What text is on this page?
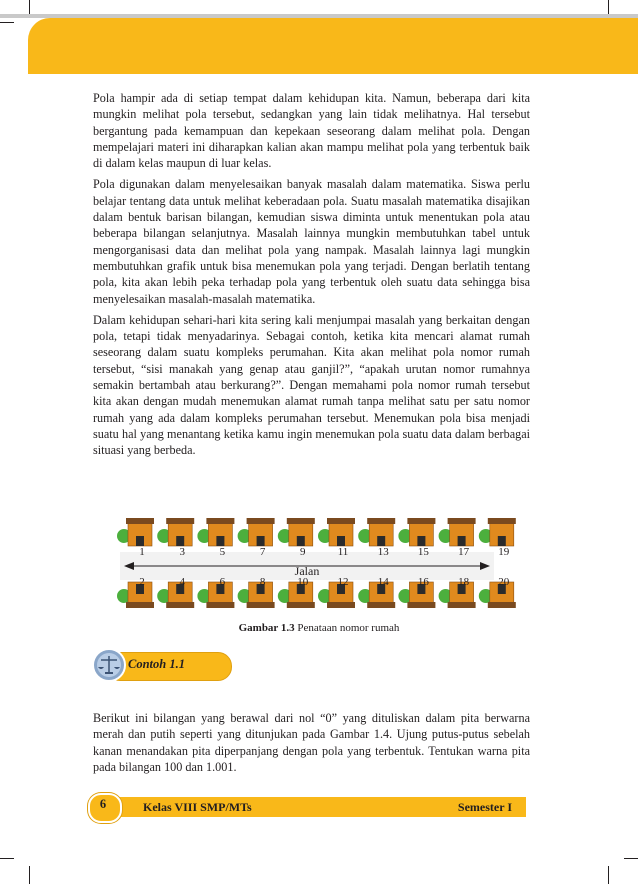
Pola hampir ada di setiap tempat dalam kehidupan kita. Namun, beberapa dari kita mungkin melihat pola tersebut, sedangkan yang lain tidak melihatnya. Hal tersebut bergantung pada kemampuan dan kepekaan seseorang dalam melihat pola. Dengan mempelajari materi ini diharapkan kalian akan mampu melihat pola yang terbentuk baik di dalam kelas maupun di luar kelas.

Pola digunakan dalam menyelesaikan banyak masalah dalam matematika. Siswa perlu belajar tentang data untuk melihat keberadaan pola. Suatu masalah matematika disajikan dalam bentuk barisan bilangan, kemudian siswa diminta untuk menentukan pola atau beberapa bilangan selanjutnya. Masalah lainnya mungkin membutuhkan tabel untuk mengorganisasi data dan melihat pola yang nampak. Masalah lainnya lagi mungkin membutuhkan grafik untuk bisa menemukan pola yang terjadi. Dengan berlatih tentang pola, kita akan lebih peka terhadap pola yang terbentuk oleh suatu data sehingga bisa menyelesaikan masalah-masalah matematika.

Dalam kehidupan sehari-hari kita sering kali menjumpai masalah yang berkaitan dengan pola, tetapi tidak menyadarinya. Sebagai contoh, ketika kita mencari alamat rumah seseorang dalam suatu kompleks perumahan. Kita akan melihat pola nomor rumah tersebut, “sisi manakah yang genap atau ganjil?”, “apakah urutan nomor rumahnya semakin bertambah atau berkurang?”. Dengan memahami pola nomor rumah tersebut kita akan dengan mudah menemukan alamat rumah tanpa melihat satu per satu nomor rumah yang ada dalam kompleks perumahan tersebut. Menemukan pola bisa menjadi suatu hal yang menantang ketika kamu ingin menemukan pola suatu data dalam berbagai situasi yang berbeda.

1	3	5	7	9	11	13	15	17	19
2	4	6	8	10	12	14	16	18	20
Jalan
Gambar 1.3 Penataan nomor rumah
Contoh 1.1

Berikut ini bilangan yang berawal dari nol “0” yang dituliskan dalam pita berwarna merah dan putih seperti yang ditunjukan pada Gambar 1.4. Ujung putus-putus sebelah kanan menandakan pita diperpanjang dengan pola yang terbentuk. Tentukan warna pita pada bilangan 100 dan 1.001.

6	Kelas VIII SMP/MTs	Semester I
